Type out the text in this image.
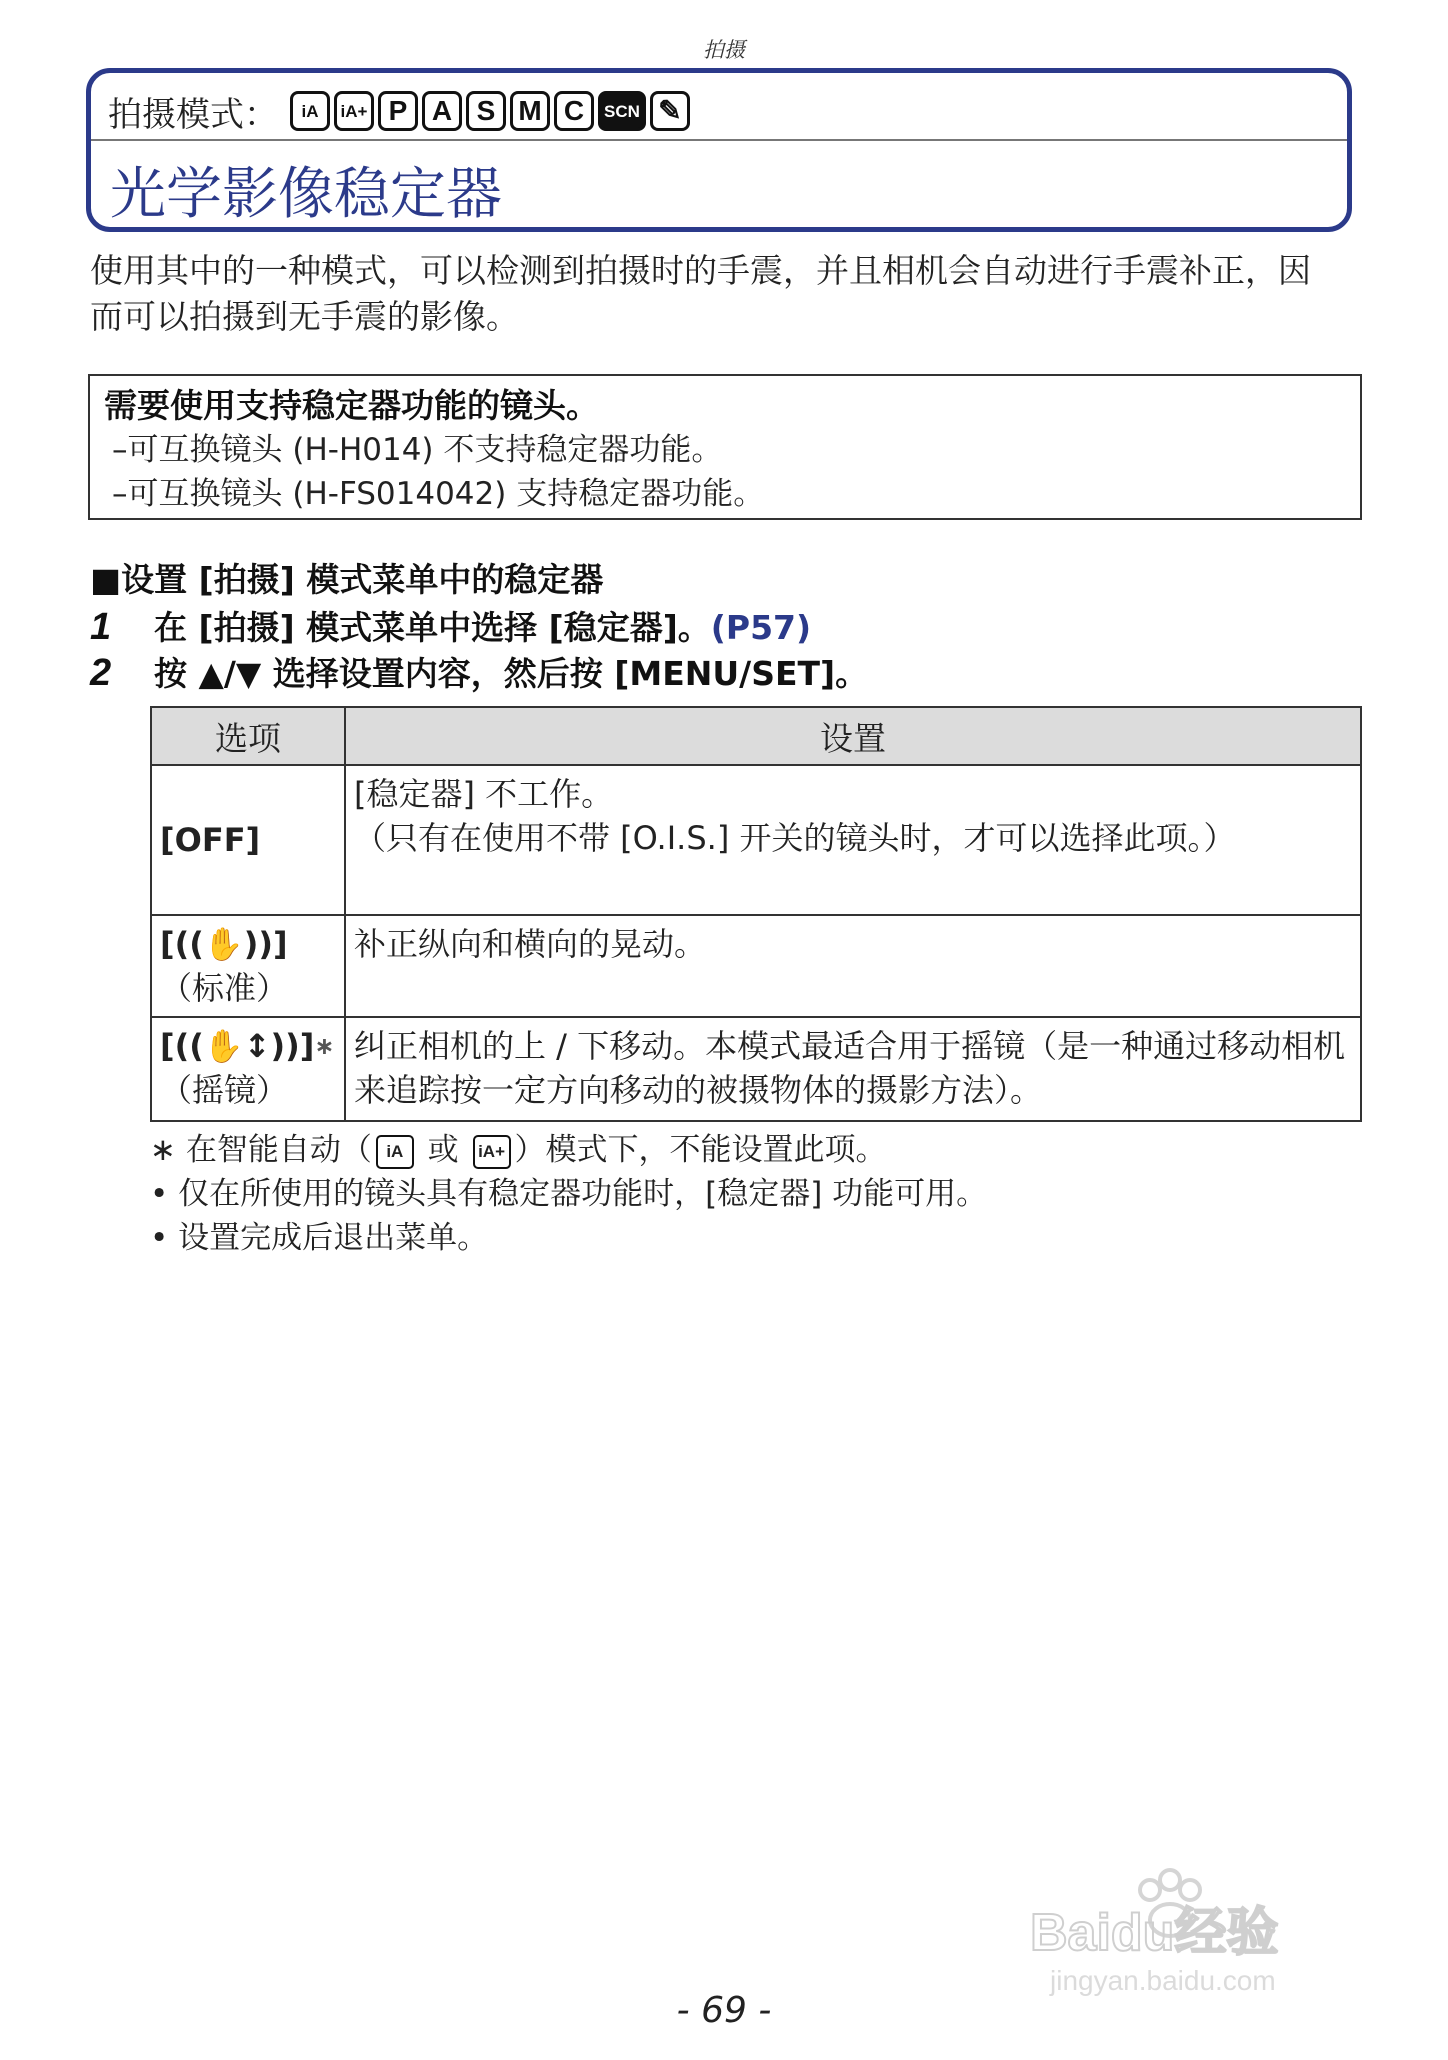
拍摄
拍摄模式：	iA	iA+ P A S M C	SCN ✎
光学影像稳定器
使用其中的一种模式，可以检测到拍摄时的手震，并且相机会自动进行手震补正，因而可以拍摄到无手震的影像。
需要使用支持稳定器功能的镜头。
–可互换镜头 (H-H014) 不支持稳定器功能。
–可互换镜头 (H-FS014042) 支持稳定器功能。
■设置 [拍摄] 模式菜单中的稳定器
1 在 [拍摄] 模式菜单中选择 [稳定器]。(P57)
2 按 ▲/▼ 选择设置内容，然后按 [MENU/SET]。
选项	设置
[OFF]	[稳定器] 不工作。
（只有在使用不带 [O.I.S.] 开关的镜头时，才可以选择此项。）

[((✋))]
（标准）	补正纵向和横向的晃动。

[((✋↕))]∗
（摇镜）	纠正相机的上 / 下移动。本模式最适合用于摇镜（是一种通过移动相机来追踪按一定方向移动的被摄物体的摄影方法）。
∗ 在智能自动（ iA 或 iA+ ）模式下，不能设置此项。
• 仅在所使用的镜头具有稳定器功能时，[稳定器] 功能可用。
• 设置完成后退出菜单。
Baidu经验
jingyan.baidu.com
- 69 -
